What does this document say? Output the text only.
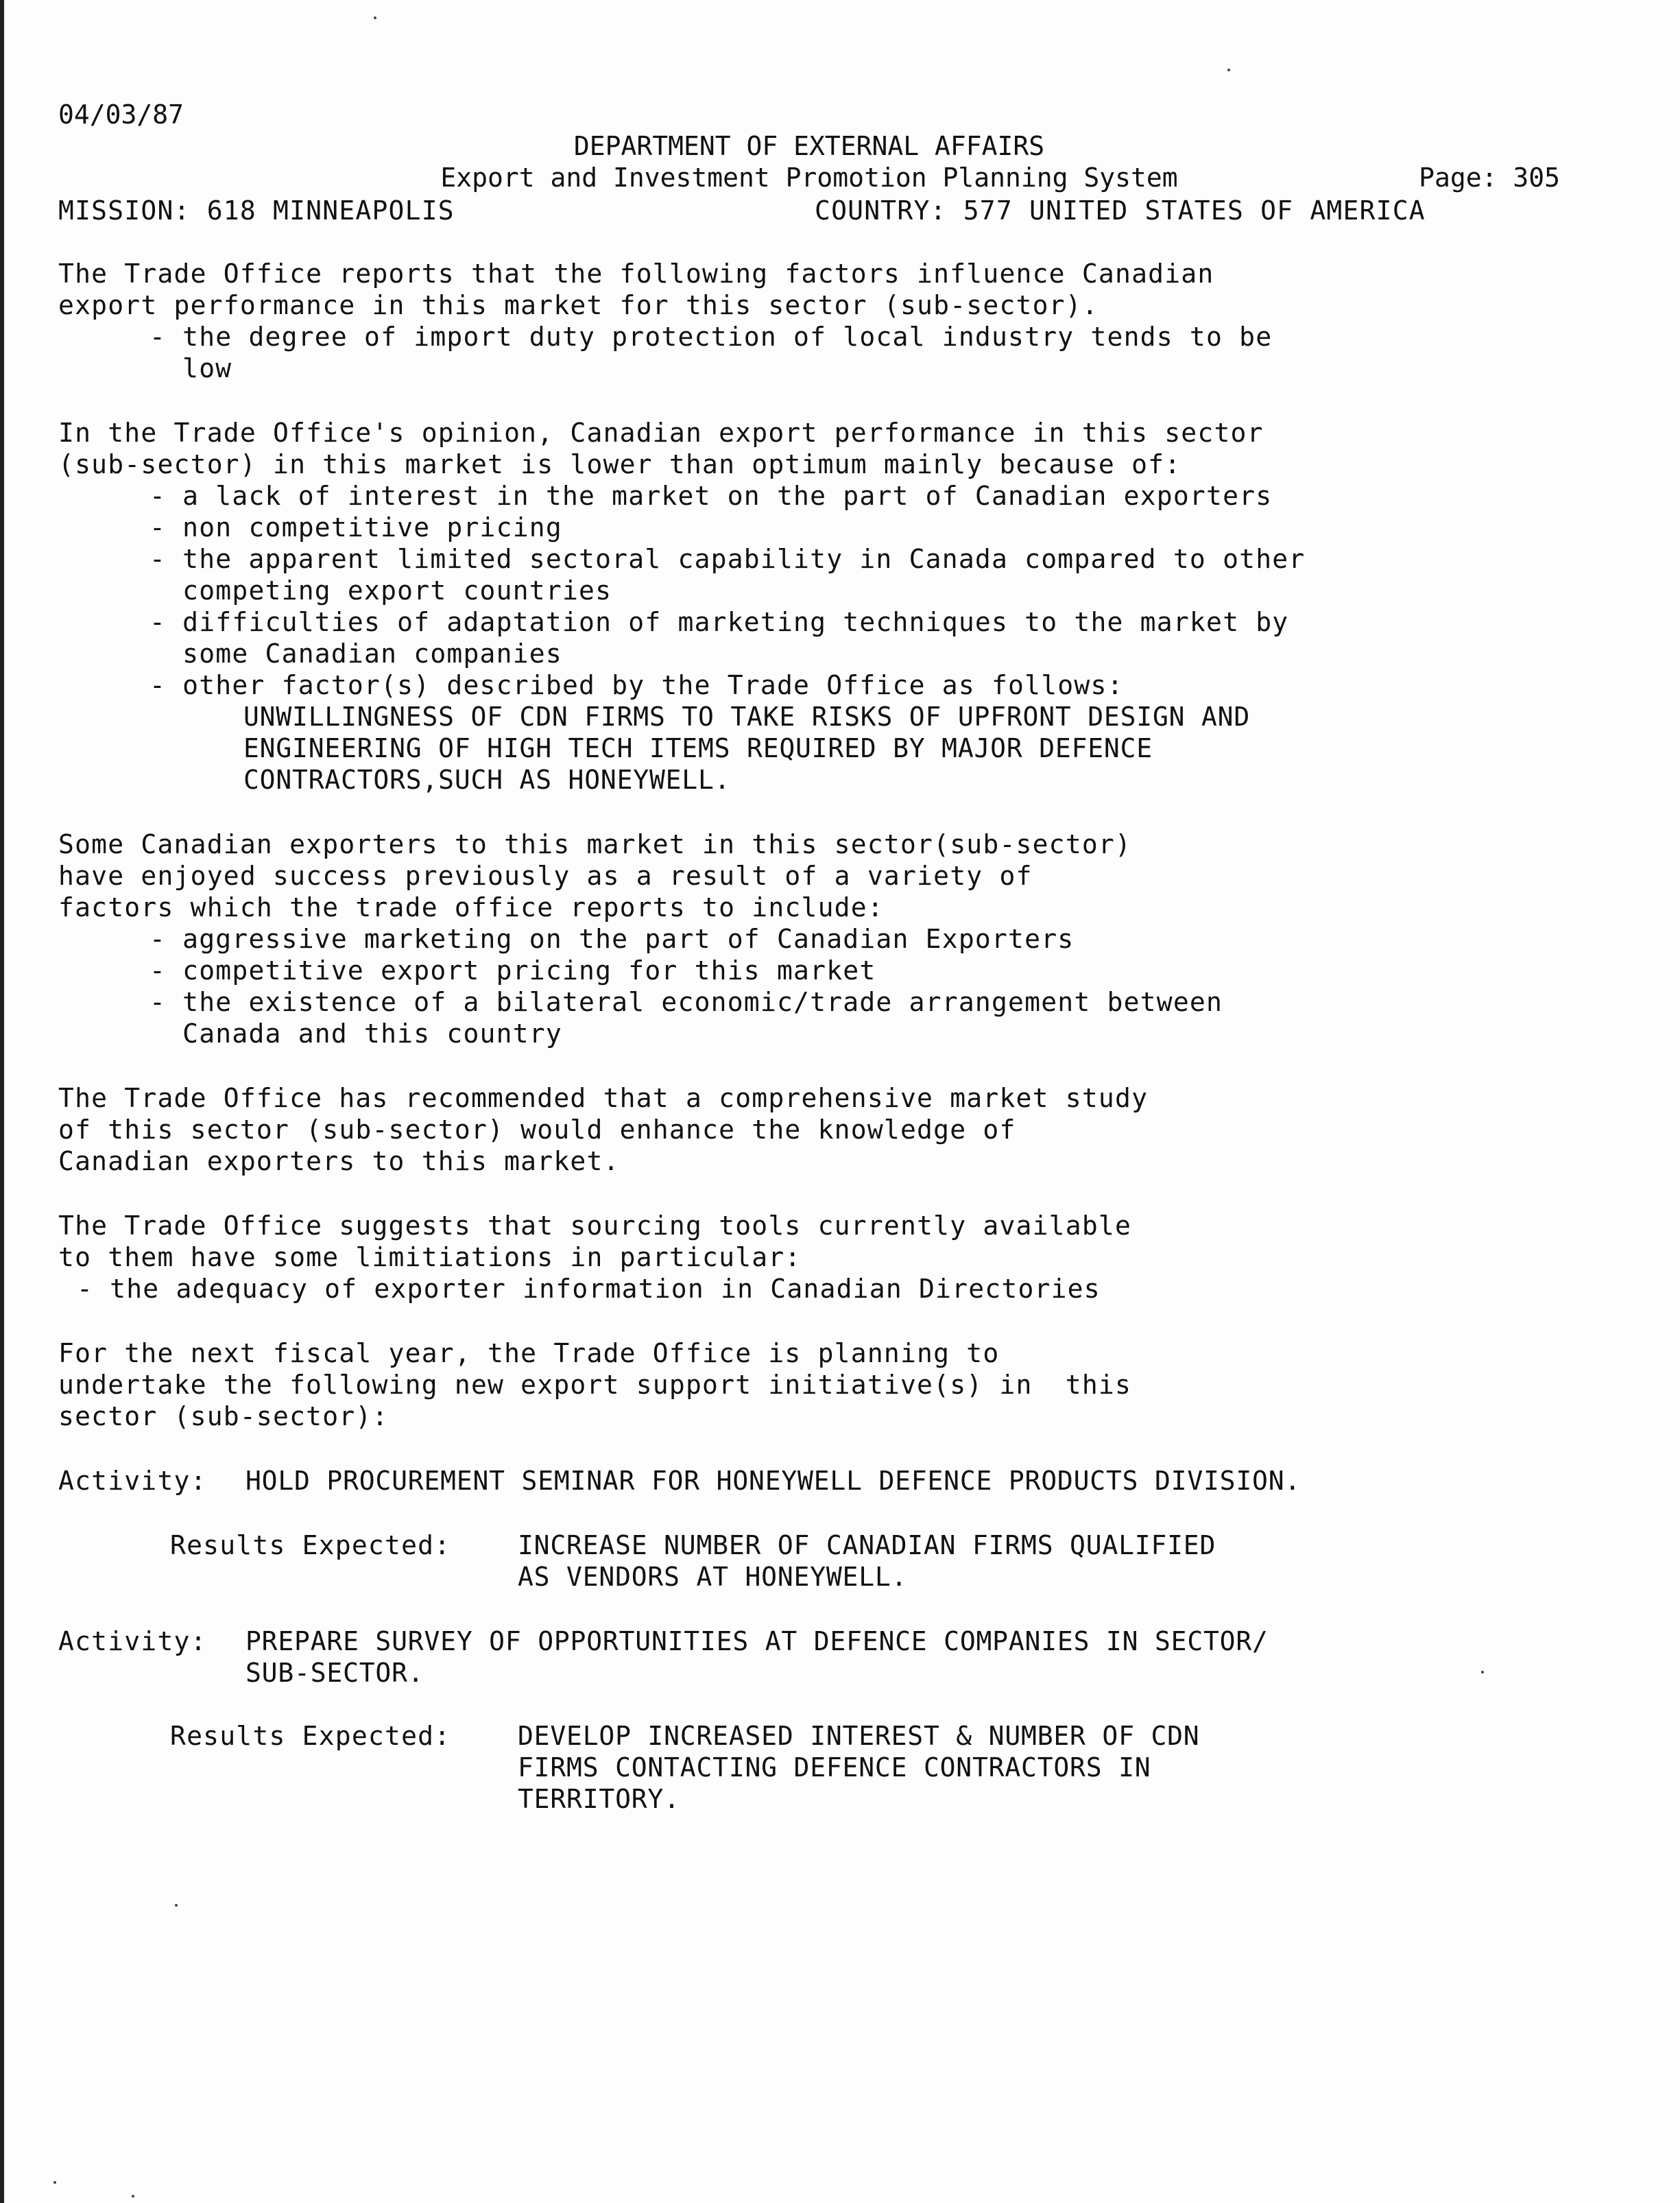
04/03/87

DEPARTMENT OF EXTERNAL AFFAIRS

Page: 305

Export and Investment Promotion Planning System

MISSION: 618 MINNEAPOLIS	COUNTRY: 577 UNITED STATES OF AMERICA
The Trade Office reports that the following factors influence Canadian
export performance in this market for this sector (sub-sector).
- the degree of import duty protection of local industry tends to be
low
In the Trade Office's opinion, Canadian export performance in this sector
(sub-sector) in this market is lower than optimum mainly because of:
- a lack of interest in the market on the part of Canadian exporters
- non competitive pricing
- the apparent limited sectoral capability in Canada compared to other
competing export countries
- difficulties of adaptation of marketing techniques to the market by
some Canadian companies
- other factor(s) described by the Trade Office as follows:
UNWILLINGNESS OF CDN FIRMS TO TAKE RISKS OF UPFRONT DESIGN AND
ENGINEERING OF HIGH TECH ITEMS REQUIRED BY MAJOR DEFENCE
CONTRACTORS,SUCH AS HONEYWELL.
Some Canadian exporters to this market in this sector(sub-sector)
have enjoyed success previously as a result of a variety of
factors which the trade office reports to include:
- aggressive marketing on the part of Canadian Exporters
- competitive export pricing for this market
- the existence of a bilateral economic/trade arrangement between
Canada and this country
The Trade Office has recommended that a comprehensive market study
of this sector (sub-sector) would enhance the knowledge of
Canadian exporters to this market.
The Trade Office suggests that sourcing tools currently available
to them have some limitiations in particular:
- the adequacy of exporter information in Canadian Directories
For the next fiscal year, the Trade Office is planning to
undertake the following new export support initiative(s) in  this
sector (sub-sector):
Activity: HOLD PROCUREMENT SEMINAR FOR HONEYWELL DEFENCE PRODUCTS DIVISION.
Results Expected:	INCREASE NUMBER OF CANADIAN FIRMS QUALIFIED
AS VENDORS AT HONEYWELL.
Activity: PREPARE SURVEY OF OPPORTUNITIES AT DEFENCE COMPANIES IN SECTOR/
SUB-SECTOR.
Results Expected:	DEVELOP INCREASED INTEREST & NUMBER OF CDN
FIRMS CONTACTING DEFENCE CONTRACTORS IN
TERRITORY.
